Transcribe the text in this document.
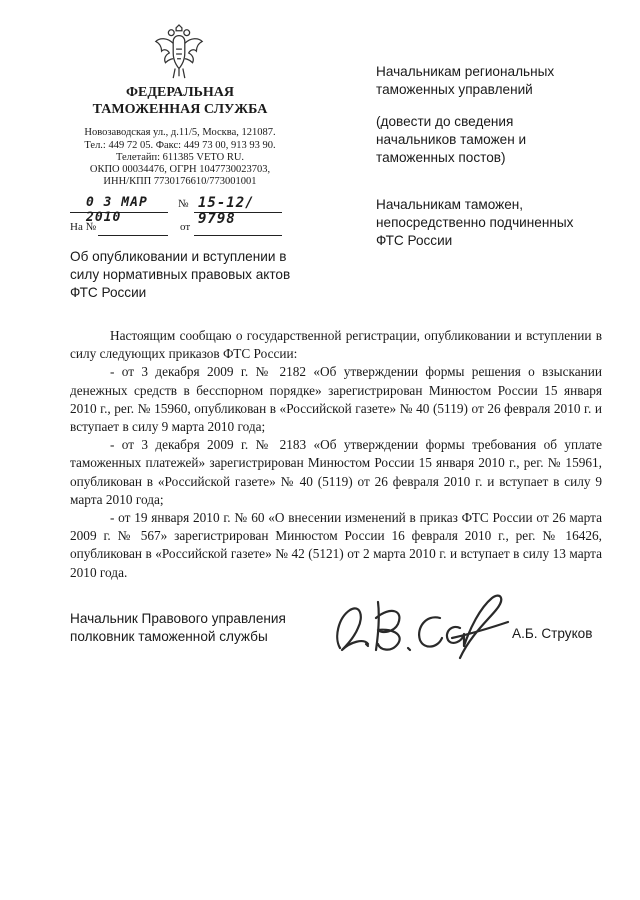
ФЕДЕРАЛЬНАЯ
ТАМОЖЕННАЯ СЛУЖБА
Новозаводская ул., д.11/5, Москва, 121087.
Тел.: 449 72 05. Факс: 449 73 00, 913 93 90.
Телетайп: 611385 VETO RU.
ОКПО 00034476, ОГРН 1047730023703,
ИНН/КПП 7730176610/773001001
0 3 МАР 2010
№ 15-12/ 9798
На №	от
Начальникам региональных
таможенных управлений
(довести до сведения
начальников таможен и
таможенных постов)
Начальникам таможен,
непосредственно подчиненных
ФТС России
Об опубликовании и вступлении в
силу нормативных правовых актов
ФТС России

Настоящим сообщаю о государственной регистрации, опубликовании и вступлении в силу следующих приказов ФТС России:

- от 3 декабря 2009 г. № 2182 «Об утверждении формы решения о взыскании денежных средств в бесспорном порядке» зарегистрирован Минюстом России 15 января 2010 г., рег. № 15960, опубликован в «Российской газете» № 40 (5119) от 26 февраля 2010 г. и вступает в силу 9 марта 2010 года;

- от 3 декабря 2009 г. № 2183 «Об утверждении формы требования об уплате таможенных платежей» зарегистрирован Минюстом России 15 января 2010 г., рег. № 15961, опубликован в «Российской газете» № 40 (5119) от 26 февраля 2010 г. и вступает в силу 9 марта 2010 года;

- от 19 января 2010 г. № 60 «О внесении изменений в приказ ФТС России от 26 марта 2009 г. № 567» зарегистрирован Минюстом России 16 февраля 2010 г., рег. № 16426, опубликован в «Российской газете» № 42 (5121) от 2 марта 2010 г. и вступает в силу 13 марта 2010 года.

Начальник Правового управления
полковник таможенной службы	А.Б. Струков
